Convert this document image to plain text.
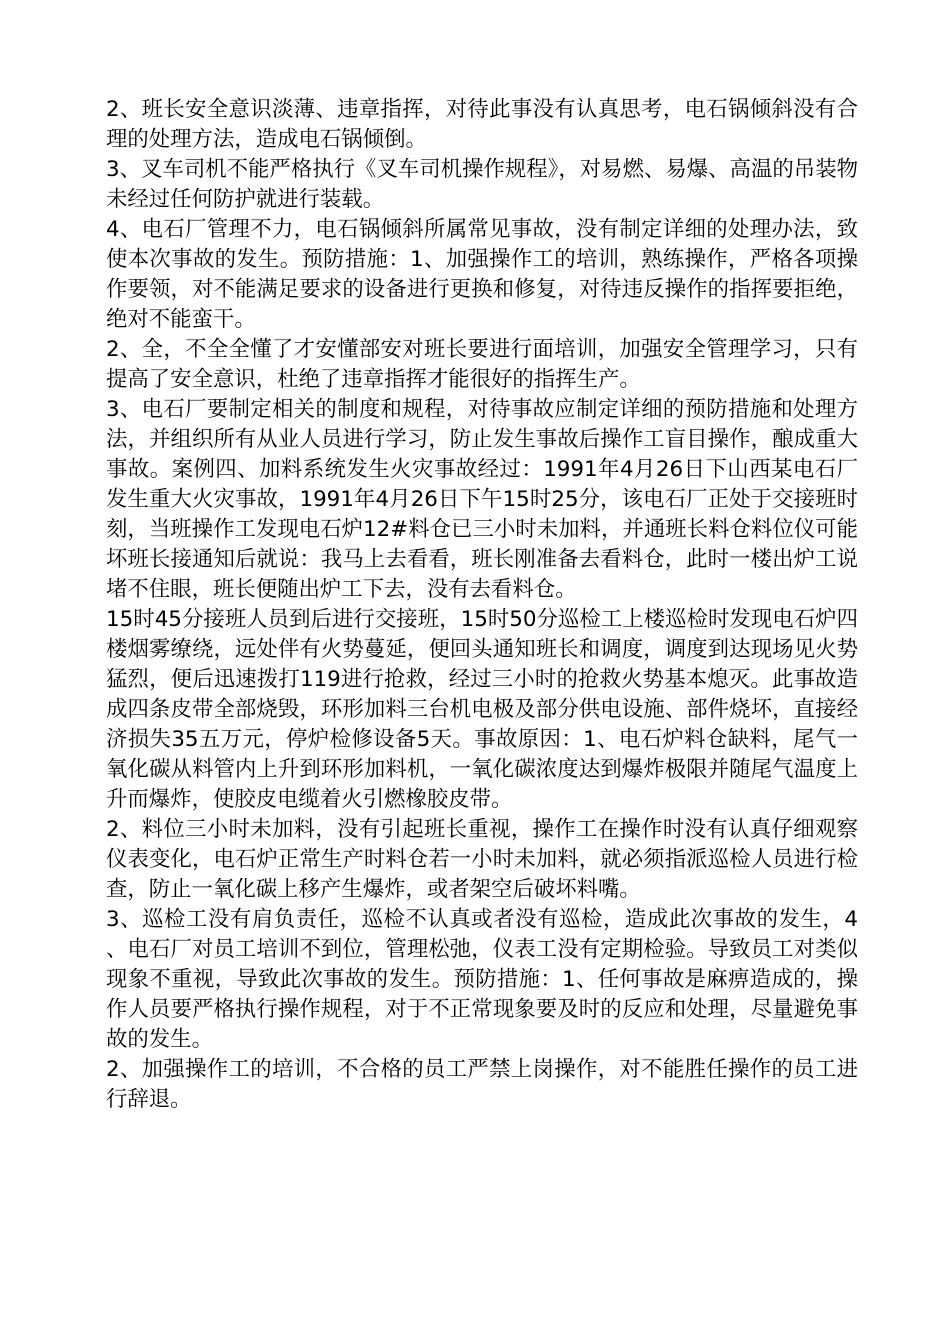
2、班长安全意识淡薄、违章指挥，对待此事没有认真思考，电石锅倾斜没有合理的处理方法，造成电石锅倾倒。

3、叉车司机不能严格执行《叉车司机操作规程》，对易燃、易爆、高温的吊装物未经过任何防护就进行装载。

4、电石厂管理不力，电石锅倾斜所属常见事故，没有制定详细的处理办法，致使本次事故的发生。预防措施：1、加强操作工的培训，熟练操作，严格各项操作要领，对不能满足要求的设备进行更换和修复，对待违反操作的指挥要拒绝，绝对不能蛮干。

2、全，不全全懂了才安懂部安对班长要进行面培训，加强安全管理学习，只有提高了安全意识，杜绝了违章指挥才能很好的指挥生产。

3、电石厂要制定相关的制度和规程，对待事故应制定详细的预防措施和处理方法，并组织所有从业人员进行学习，防止发生事故后操作工盲目操作，酿成重大事故。案例四、加料系统发生火灾事故经过：1991年4月26日下山西某电石厂发生重大火灾事故，1991年4月26日下午15时25分，该电石厂正处于交接班时刻，当班操作工发现电石炉12#料仓已三小时未加料，并通班长料仓料位仪可能坏班长接通知后就说：我马上去看看，班长刚准备去看料仓，此时一楼出炉工说堵不住眼，班长便随出炉工下去，没有去看料仓。

15时45分接班人员到后进行交接班，15时50分巡检工上楼巡检时发现电石炉四楼烟雾缭绕，远处伴有火势蔓延，便回头通知班长和调度，调度到达现场见火势猛烈，便后迅速拨打119进行抢救，经过三小时的抢救火势基本熄灭。此事故造成四条皮带全部烧毁，环形加料三台机电极及部分供电设施、部件烧坏，直接经济损失35五万元，停炉检修设备5天。事故原因：1、电石炉料仓缺料，尾气一氧化碳从料管内上升到环形加料机，一氧化碳浓度达到爆炸极限并随尾气温度上升而爆炸，使胶皮电缆着火引燃橡胶皮带。

2、料位三小时未加料，没有引起班长重视，操作工在操作时没有认真仔细观察仪表变化，电石炉正常生产时料仓若一小时未加料，就必须指派巡检人员进行检查，防止一氧化碳上移产生爆炸，或者架空后破坏料嘴。

3、巡检工没有肩负责任，巡检不认真或者没有巡检，造成此次事故的发生，4、电石厂对员工培训不到位，管理松弛，仪表工没有定期检验。导致员工对类似现象不重视，导致此次事故的发生。预防措施：1、任何事故是麻痹造成的，操作人员要严格执行操作规程，对于不正常现象要及时的反应和处理，尽量避免事故的发生。

2、加强操作工的培训，不合格的员工严禁上岗操作，对不能胜任操作的员工进行辞退。
